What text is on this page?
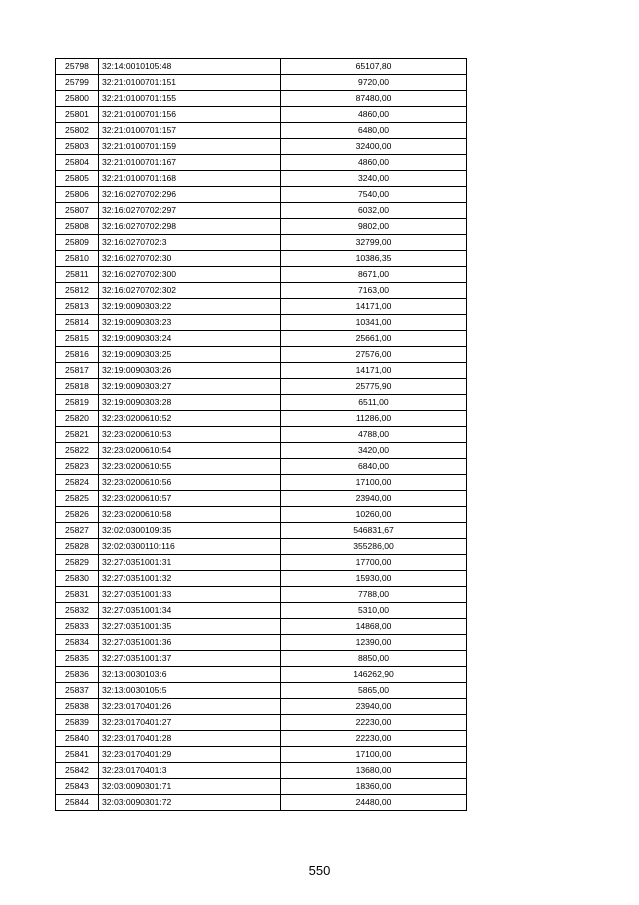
25798	32:14:0010105:48	65107,80
25799	32:21:0100701:151	9720,00
25800	32:21:0100701:155	87480,00
25801	32:21:0100701:156	4860,00
25802	32:21:0100701:157	6480,00
25803	32:21:0100701:159	32400,00
25804	32:21:0100701:167	4860,00
25805	32:21:0100701:168	3240,00
25806	32:16:0270702:296	7540,00
25807	32:16:0270702:297	6032,00
25808	32:16:0270702:298	9802,00
25809	32:16:0270702:3	32799,00
25810	32:16:0270702:30	10386,35
25811	32:16:0270702:300	8671,00
25812	32:16:0270702:302	7163,00
25813	32:19:0090303:22	14171,00
25814	32:19:0090303:23	10341,00
25815	32:19:0090303:24	25661,00
25816	32:19:0090303:25	27576,00
25817	32:19:0090303:26	14171,00
25818	32:19:0090303:27	25775,90
25819	32:19:0090303:28	6511,00
25820	32:23:0200610:52	11286,00
25821	32:23:0200610:53	4788,00
25822	32:23:0200610:54	3420,00
25823	32:23:0200610:55	6840,00
25824	32:23:0200610:56	17100,00
25825	32:23:0200610:57	23940,00
25826	32:23:0200610:58	10260,00
25827	32:02:0300109:35	546831,67
25828	32:02:0300110:116	355286,00
25829	32:27:0351001:31	17700,00
25830	32:27:0351001:32	15930,00
25831	32:27:0351001:33	7788,00
25832	32:27:0351001:34	5310,00
25833	32:27:0351001:35	14868,00
25834	32:27:0351001:36	12390,00
25835	32:27:0351001:37	8850,00
25836	32:13:0030103:6	146262,90
25837	32:13:0030105:5	5865,00
25838	32:23:0170401:26	23940,00
25839	32:23:0170401:27	22230,00
25840	32:23:0170401:28	22230,00
25841	32:23:0170401:29	17100,00
25842	32:23:0170401:3	13680,00
25843	32:03:0090301:71	18360,00
25844	32:03:0090301:72	24480,00
550
